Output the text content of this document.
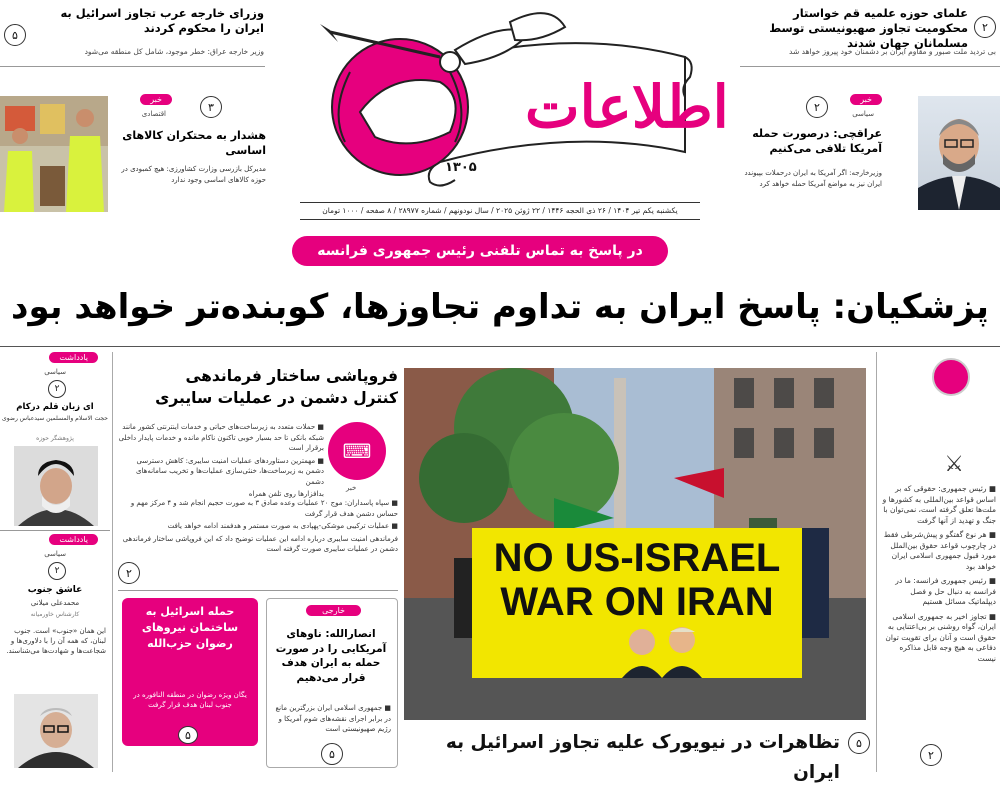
۲
علمای حوزه علمیه قم خواستار محکومیت تجاوز صهیونیستی توسط مسلمانان جهان شدند
بی تردید ملت صبور و مقاوم ایران بر دشمنان خود پیروز خواهد شد
۵
وزرای خارجه عرب تجاوز اسرائیل به ایران را محکوم کردند
وزیر خارجه عراق: خطر موجود، شامل کل منطقه می‌شود
اطلاعات
۱۳۰۵
یکشنبه یکم تیر ۱۴۰۴ / ۲۶ ذی الحجه ۱۴۴۶ / ۲۲ ژوئن ۲۰۲۵ / سال نودونهم / شماره ۲۸۹۷۷ / ۸ صفحه / ۱۰۰۰ تومان
۲
خبر
سیاسی
عراقچی: درصورت حمله آمریکا تلافی می‌کنیم
وزیرخارجه: اگر آمریکا به ایران درحملات بپیوندد ایران نیز به مواضع آمریکا حمله خواهد کرد
۳
خبر
اقتصادی
هشدار به محتکران کالاهای اساسی
مدیرکل بازرسی وزارت کشاورزی: هیچ کمبودی در حوزه کالاهای اساسی وجود ندارد
در پاسخ به تماس تلفنی رئیس جمهوری فرانسه
پزشکیان: پاسخ ایران به تداوم تجاوزها، کوبنده‌تر خواهد بود
⚔

■ رئیس جمهوری: حقوقی که بر اساس قواعد بین‌المللی به کشورها و ملت‌ها تعلق گرفته است، نمی‌توان با جنگ و تهدید از آنها گرفت

■ هر نوع گفتگو و پیش‌شرطی فقط در چارچوب قواعد حقوق بین‌الملل مورد قبول جمهوری اسلامی ایران خواهد بود

■ رئیس جمهوری فرانسه: ما در فرانسه به دنبال حل و فصل دیپلماتیک مسائل هستیم

■ تجاوز اخیر به جمهوری اسلامی ایران، گواه روشنی بر بی‌اعتنایی به حقوق است و آنان برای تقویت توان دفاعی به هیچ وجه قابل مذاکره نیست

۲
NO US-ISRAEL
WAR ON IRAN
۵
تظاهرات در نیویورک علیه تجاوز اسرائیل به ایران
فروپاشی ساختار فرماندهی
کنترل دشمن در عملیات سایبری
⌨
خبر

■ حملات متعدد به زیرساخت‌های حیاتی و خدمات اینترنتی کشور مانند شبکه بانکی تا حد بسیار خوبی تاکنون ناکام مانده و خدمات پایدار داخلی برقرار است

■ مهمترین دستاوردهای عملیات امنیت سایبری: کاهش دسترسی دشمن به زیرساخت‌ها، خنثی‌سازی عملیات‌ها و تخریب سامانه‌های دشمن

بدافزارها روی تلفن همراه

■ سپاه پاسداران: موج ۲۰ عملیات وعده صادق ۳ به صورت حجیم انجام شد و ۴ مرکز مهم و حساس دشمن هدف قرار گرفت

■ عملیات ترکیبی موشکی-پهپادی به صورت مستمر و هدفمند ادامه خواهد یافت

فرماندهی امنیت سایبری درباره ادامه این عملیات توضیح داد که این فروپاشی ساختار فرماندهی دشمن در عملیات سایبری صورت گرفته است

۲
خارجی
انصارالله: ناوهای آمریکایی را در صورت حمله به ایران هدف قرار می‌دهیم
■ جمهوری اسلامی ایران بزرگترین مانع در برابر اجرای نقشه‌های شوم آمریکا و رژیم صهیونیستی است
۵
حمله اسرائیل به ساختمان نیروهای رضوان حزب‌الله
یگان ویژه رضوان در منطقه النافوره در جنوب لبنان هدف قرار گرفت
۵
یادداشت
سیاسی
۲
ای زبان قلم درکام
حجت الاسلام والمسلمین سیدعباس رضوی
پژوهشگر حوزه
یادداشت
سیاسی
۲
عاشق جنوب
محمدعلی میلانی
کارشناس خاورمیانه
این همان «جنوب» است. جنوب لبنان، که همه آن را با دلاوری‌ها و شجاعت‌ها و شهادت‌ها می‌شناسند.
